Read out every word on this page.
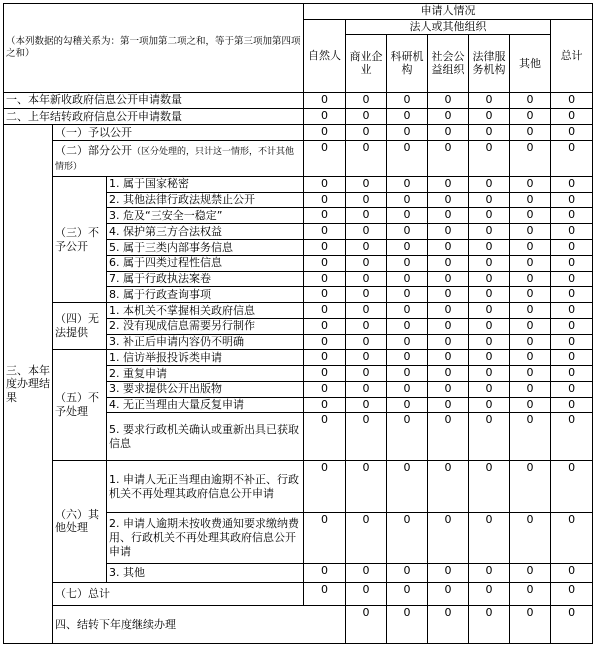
（本列数据的勾稽关系为：第一项加第二项之和，等于第三项加第四项之和）			申请人情况							
			自然人	法人或其他组织					总计	
				商业企业	科研机构	社会公益组织	法律服务机构	其他		
一、本年新收政府信息公开申请数量			0	0	0	0	0	0	0	
二、上年结转政府信息公开申请数量			0	0	0	0	0	0	0	
三、本年度办理结果	（一）予以公开		0	0	0	0	0	0	0	
	（二）部分公开（区分处理的，只计这一情形，不计其他情形）		0	0	0	0	0	0	0	
	（三）不予公开	1. 属于国家秘密	0	0	0	0	0	0	0	
		2. 其他法律行政法规禁止公开	0	0	0	0	0	0	0	
		3. 危及“三安全一稳定”	0	0	0	0	0	0	0	
		4. 保护第三方合法权益	0	0	0	0	0	0	0	
		5. 属于三类内部事务信息	0	0	0	0	0	0	0	
		6. 属于四类过程性信息	0	0	0	0	0	0	0	
		7. 属于行政执法案卷	0	0	0	0	0	0	0	
		8. 属于行政查询事项	0	0	0	0	0	0	0	
	（四）无法提供	1. 本机关不掌握相关政府信息	0	0	0	0	0	0	0	
		2. 没有现成信息需要另行制作	0	0	0	0	0	0	0	
		3. 补正后申请内容仍不明确	0	0	0	0	0	0	0	
	（五）不予处理	1. 信访举报投诉类申请	0	0	0	0	0	0	0	
		2. 重复申请	0	0	0	0	0	0	0	
		3. 要求提供公开出版物	0	0	0	0	0	0	0	
		4. 无正当理由大量反复申请	0	0	0	0	0	0	0	
		5. 要求行政机关确认或重新出具已获取信息	0	0	0	0	0	0	0	
	（六）其他处理	1. 申请人无正当理由逾期不补正、行政机关不再处理其政府信息公开申请	0	0	0	0	0	0	0	
		2. 申请人逾期未按收费通知要求缴纳费用、行政机关不再处理其政府信息公开申请	0	0	0	0	0	0	0	
		3. 其他	0	0	0	0	0	0	0	
	（七）总计		0	0	0	0	0	0	0	
	四、结转下年度继续办理			0	0	0	0	0	0	
